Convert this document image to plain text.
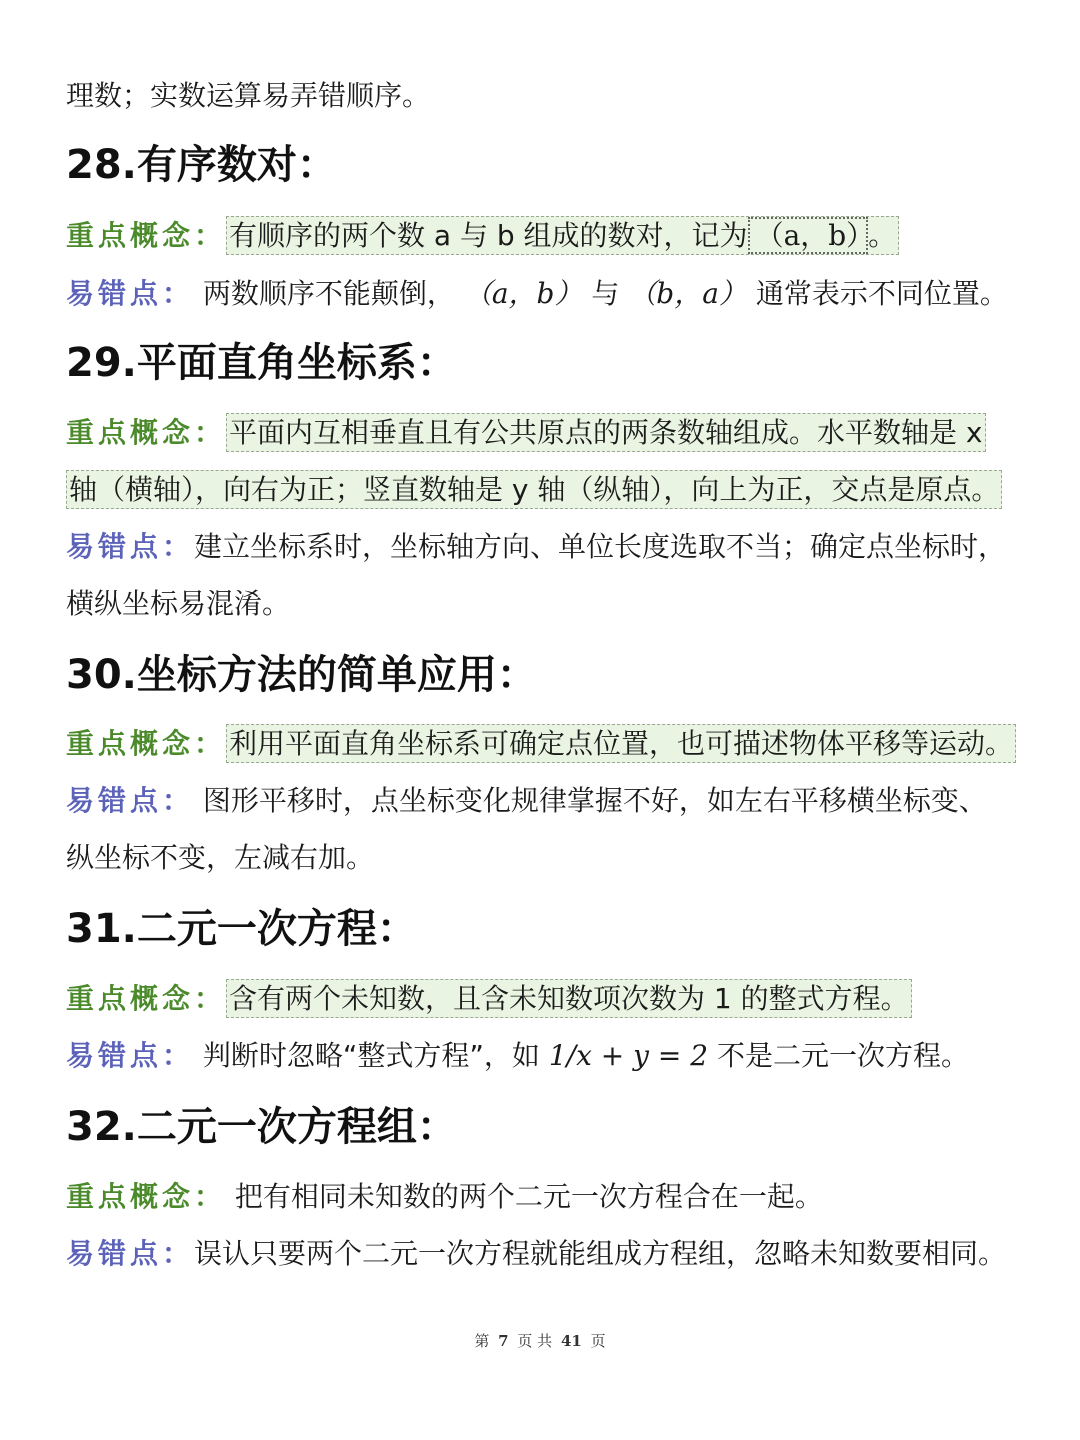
理数；实数运算易弄错顺序。
28.有序数对：
重点概念： 有顺序的两个数 a 与 b 组成的数对，记为 （a，b） 。
易错点： 两数顺序不能颠倒， （a，b） 与 （b，a） 通常表示不同位置。
29.平面直角坐标系：
重点概念： 平面内互相垂直且有公共原点的两条数轴组成。水平数轴是 x
轴（横轴），向右为正；竖直数轴是 y 轴（纵轴），向上为正，交点是原点。
易错点：建立坐标系时，坐标轴方向、单位长度选取不当；确定点坐标时，
横纵坐标易混淆。
30.坐标方法的简单应用：
重点概念： 利用平面直角坐标系可确定点位置，也可描述物体平移等运动。
易错点： 图形平移时，点坐标变化规律掌握不好，如左右平移横坐标变、
纵坐标不变，左减右加。
31.二元一次方程：
重点概念： 含有两个未知数，且含未知数项次数为 1 的整式方程。
易错点： 判断时忽略“整式方程”，如 1/x + y = 2 不是二元一次方程。
32.二元一次方程组：
重点概念： 把有相同未知数的两个二元一次方程合在一起。
易错点：误认只要两个二元一次方程就能组成方程组，忽略未知数要相同。
第 7 页 共 41 页
